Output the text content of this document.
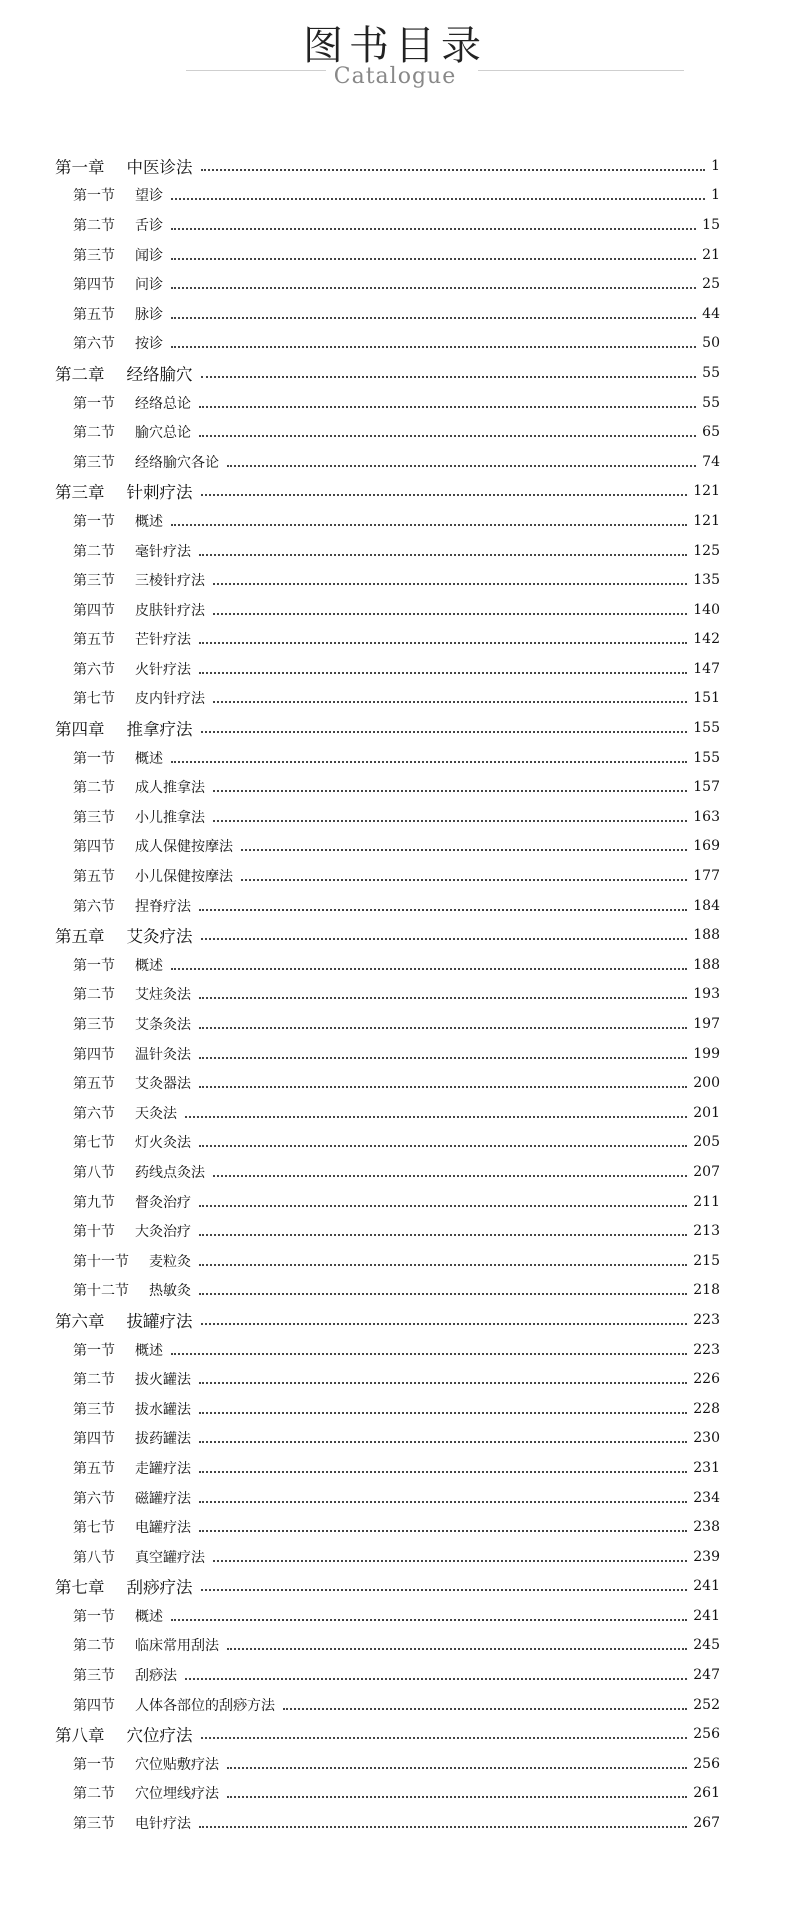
图书目录
Catalogue
第一章 中医诊法	1
第一节 望诊	1
第二节 舌诊	15
第三节 闻诊	21
第四节 问诊	25
第五节 脉诊	44
第六节 按诊	50
第二章 经络腧穴	55
第一节 经络总论	55
第二节 腧穴总论	65
第三节 经络腧穴各论	74
第三章 针刺疗法	121
第一节 概述	121
第二节 毫针疗法	125
第三节 三棱针疗法	135
第四节 皮肤针疗法	140
第五节 芒针疗法	142
第六节 火针疗法	147
第七节 皮内针疗法	151
第四章 推拿疗法	155
第一节 概述	155
第二节 成人推拿法	157
第三节 小儿推拿法	163
第四节 成人保健按摩法	169
第五节 小儿保健按摩法	177
第六节 捏脊疗法	184
第五章 艾灸疗法	188
第一节 概述	188
第二节 艾炷灸法	193
第三节 艾条灸法	197
第四节 温针灸法	199
第五节 艾灸器法	200
第六节 天灸法	201
第七节 灯火灸法	205
第八节 药线点灸法	207
第九节 督灸治疗	211
第十节 大灸治疗	213
第十一节 麦粒灸	215
第十二节 热敏灸	218
第六章 拔罐疗法	223
第一节 概述	223
第二节 拔火罐法	226
第三节 拔水罐法	228
第四节 拔药罐法	230
第五节 走罐疗法	231
第六节 磁罐疗法	234
第七节 电罐疗法	238
第八节 真空罐疗法	239
第七章 刮痧疗法	241
第一节 概述	241
第二节 临床常用刮法	245
第三节 刮痧法	247
第四节 人体各部位的刮痧方法	252
第八章 穴位疗法	256
第一节 穴位贴敷疗法	256
第二节 穴位埋线疗法	261
第三节 电针疗法	267
